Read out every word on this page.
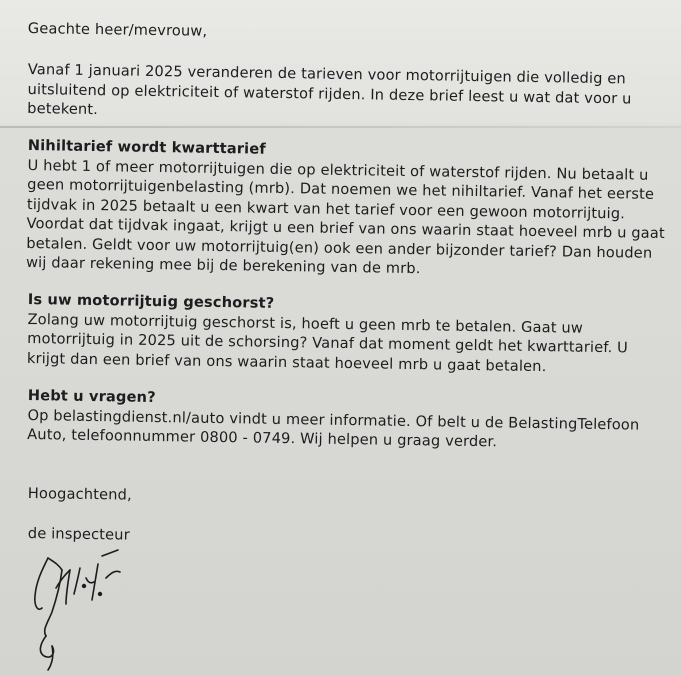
Geachte heer/mevrouw,

Vanaf 1 januari 2025 veranderen de tarieven voor motorrijtuigen die volledig en uitsluitend op elektriciteit of waterstof rijden. In deze brief leest u wat dat voor u betekent.

Nihiltarief wordt kwarttarief

U hebt 1 of meer motorrijtuigen die op elektriciteit of waterstof rijden. Nu betaalt u geen motorrijtuigenbelasting (mrb). Dat noemen we het nihiltarief. Vanaf het eerste tijdvak in 2025 betaalt u een kwart van het tarief voor een gewoon motorrijtuig. Voordat dat tijdvak ingaat, krijgt u een brief van ons waarin staat hoeveel mrb u gaat betalen. Geldt voor uw motorrijtuig(en) ook een ander bijzonder tarief? Dan houden wij daar rekening mee bij de berekening van de mrb.

Is uw motorrijtuig geschorst?

Zolang uw motorrijtuig geschorst is, hoeft u geen mrb te betalen. Gaat uw motorrijtuig in 2025 uit de schorsing? Vanaf dat moment geldt het kwarttarief. U krijgt dan een brief van ons waarin staat hoeveel mrb u gaat betalen.

Hebt u vragen?

Op belastingdienst.nl/auto vindt u meer informatie. Of belt u de BelastingTelefoon Auto, telefoonnummer 0800 - 0749. Wij helpen u graag verder.

Hoogachtend,

de inspecteur
